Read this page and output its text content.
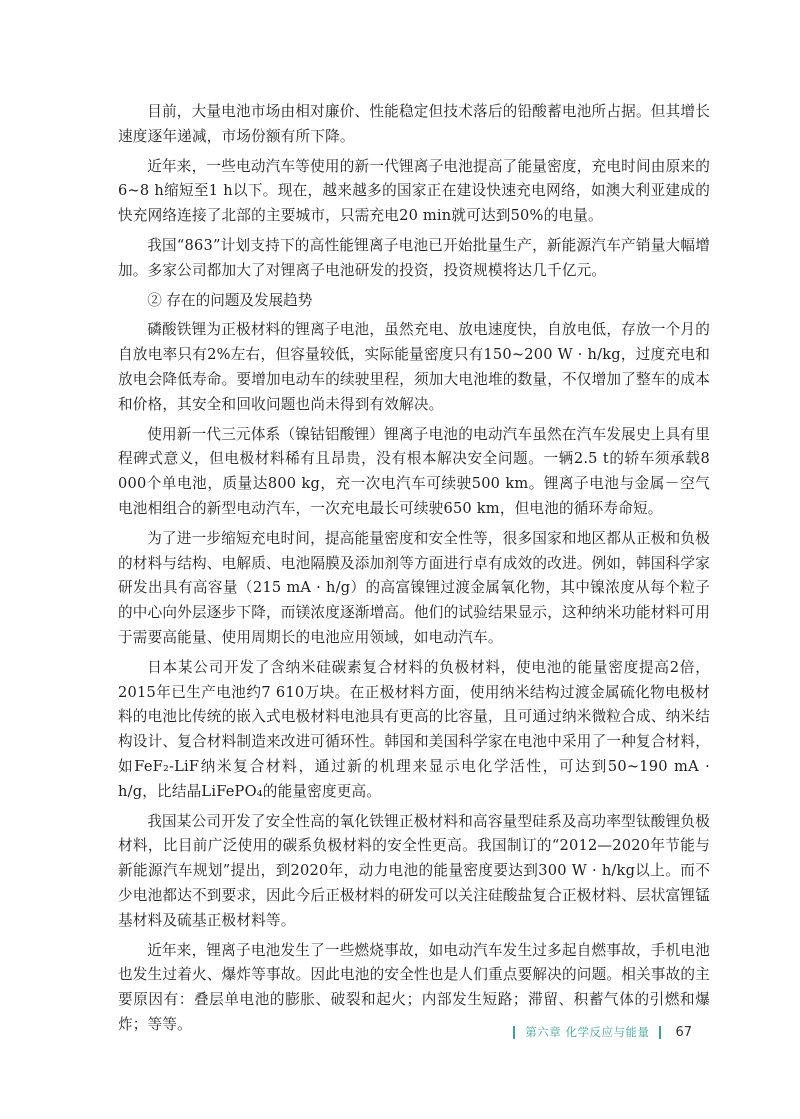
目前，大量电池市场由相对廉价、性能稳定但技术落后的铅酸蓄电池所占据。但其增长速度逐年递减，市场份额有所下降。

近年来，一些电动汽车等使用的新一代锂离子电池提高了能量密度，充电时间由原来的6~8 h缩短至1 h以下。现在，越来越多的国家正在建设快速充电网络，如澳大利亚建成的快充网络连接了北部的主要城市，只需充电20 min就可达到50%的电量。

我国“863”计划支持下的高性能锂离子电池已开始批量生产，新能源汽车产销量大幅增加。多家公司都加大了对锂离子电池研发的投资，投资规模将达几千亿元。

② 存在的问题及发展趋势

磷酸铁锂为正极材料的锂离子电池，虽然充电、放电速度快，自放电低，存放一个月的自放电率只有2%左右，但容量较低，实际能量密度只有150~200 W · h/kg，过度充电和放电会降低寿命。要增加电动车的续驶里程，须加大电池堆的数量，不仅增加了整车的成本和价格，其安全和回收问题也尚未得到有效解决。

使用新一代三元体系（镍钴铝酸锂）锂离子电池的电动汽车虽然在汽车发展史上具有里程碑式意义，但电极材料稀有且昂贵，没有根本解决安全问题。一辆2.5 t的轿车须承载8 000个单电池，质量达800 kg，充一次电汽车可续驶500 km。锂离子电池与金属－空气电池相组合的新型电动汽车，一次充电最长可续驶650 km，但电池的循环寿命短。

为了进一步缩短充电时间，提高能量密度和安全性等，很多国家和地区都从正极和负极的材料与结构、电解质、电池隔膜及添加剂等方面进行卓有成效的改进。例如，韩国科学家研发出具有高容量（215 mA · h/g）的高富镍锂过渡金属氧化物，其中镍浓度从每个粒子的中心向外层逐步下降，而镁浓度逐渐增高。他们的试验结果显示，这种纳米功能材料可用于需要高能量、使用周期长的电池应用领域，如电动汽车。

日本某公司开发了含纳米硅碳素复合材料的负极材料，使电池的能量密度提高2倍，2015年已生产电池约7 610万块。在正极材料方面，使用纳米结构过渡金属硫化物电极材料的电池比传统的嵌入式电极材料电池具有更高的比容量，且可通过纳米微粒合成、纳米结构设计、复合材料制造来改进可循环性。韩国和美国科学家在电池中采用了一种复合材料，如FeF₂-LiF纳米复合材料，通过新的机理来显示电化学活性，可达到50~190 mA · h/g，比结晶LiFePO₄的能量密度更高。

我国某公司开发了安全性高的氧化铁锂正极材料和高容量型硅系及高功率型钛酸锂负极材料，比目前广泛使用的碳系负极材料的安全性更高。我国制订的“2012—2020年节能与新能源汽车规划”提出，到2020年，动力电池的能量密度要达到300 W · h/kg以上。而不少电池都达不到要求，因此今后正极材料的研发可以关注硅酸盐复合正极材料、层状富锂锰基材料及硫基正极材料等。

近年来，锂离子电池发生了一些燃烧事故，如电动汽车发生过多起自燃事故，手机电池也发生过着火、爆炸等事故。因此电池的安全性也是人们重点要解决的问题。相关事故的主要原因有：叠层单电池的膨胀、破裂和起火；内部发生短路；滞留、积蓄气体的引燃和爆炸；等等。	第六章 化学反应与能量 67
